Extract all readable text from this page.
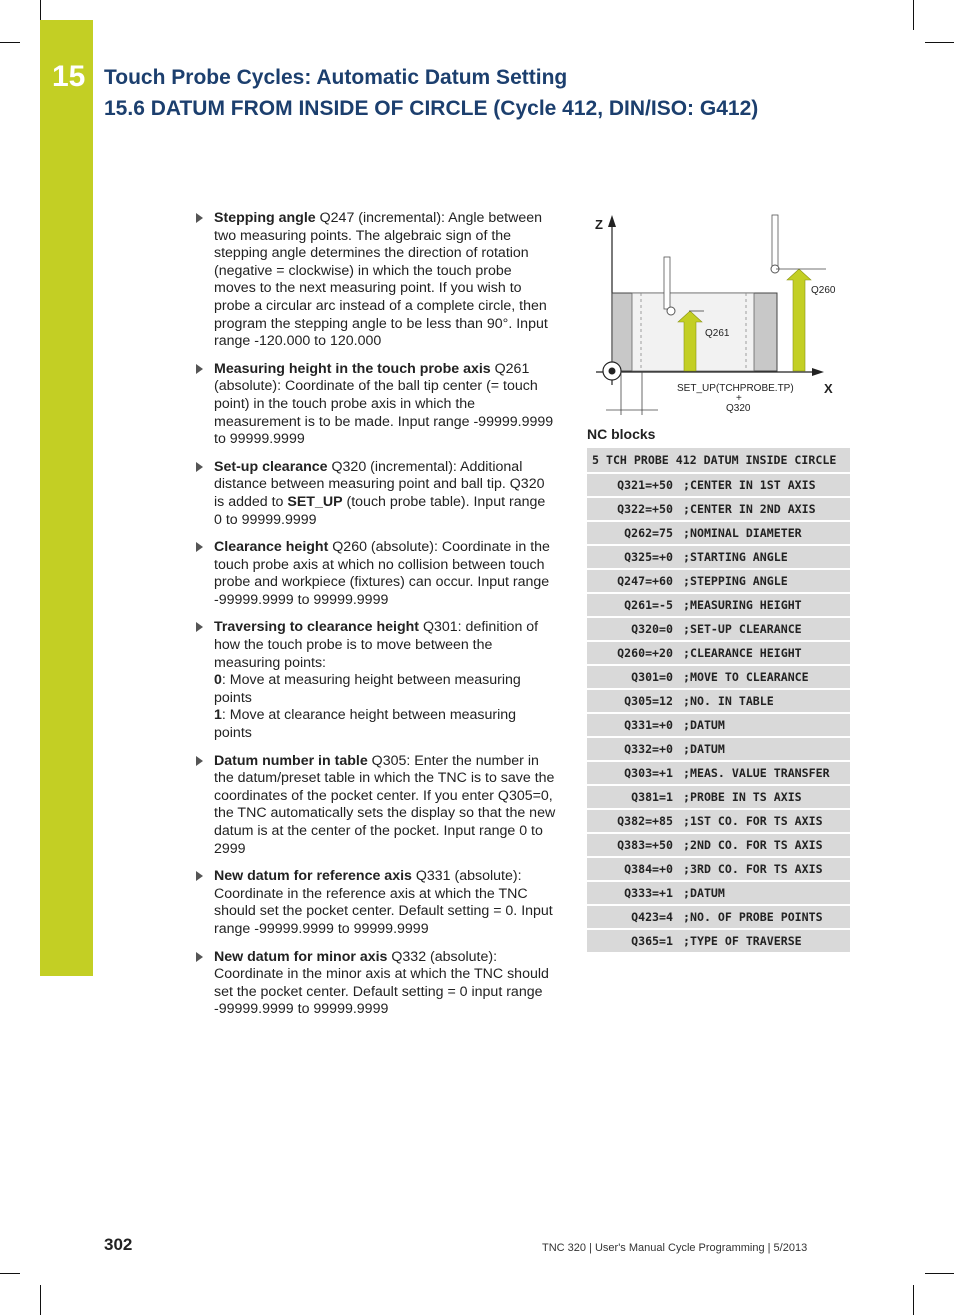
15 Touch Probe Cycles: Automatic Datum Setting
15.6 DATUM FROM INSIDE OF CIRCLE (Cycle 412, DIN/ISO: G412)
Stepping angle Q247 (incremental): Angle between two measuring points. The algebraic sign of the stepping angle determines the direction of rotation (negative = clockwise) in which the touch probe moves to the next measuring point. If you wish to probe a circular arc instead of a complete circle, then program the stepping angle to be less than 90°. Input range -120.000 to 120.000
Measuring height in the touch probe axis Q261 (absolute): Coordinate of the ball tip center (= touch point) in the touch probe axis in which the measurement is to be made. Input range -99999.9999 to 99999.9999
Set-up clearance Q320 (incremental): Additional distance between measuring point and ball tip. Q320 is added to SET_UP (touch probe table). Input range 0 to 99999.9999
Clearance height Q260 (absolute): Coordinate in the touch probe axis at which no collision between touch probe and workpiece (fixtures) can occur. Input range -99999.9999 to 99999.9999
Traversing to clearance height Q301: definition of how the touch probe is to move between the measuring points:
0: Move at measuring height between measuring points
1: Move at clearance height between measuring points
Datum number in table Q305: Enter the number in the datum/preset table in which the TNC is to save the coordinates of the pocket center. If you enter Q305=0, the TNC automatically sets the display so that the new datum is at the center of the pocket. Input range 0 to 2999
New datum for reference axis Q331 (absolute): Coordinate in the reference axis at which the TNC should set the pocket center. Default setting = 0. Input range -99999.9999 to 99999.9999
New datum for minor axis Q332 (absolute): Coordinate in the minor axis at which the TNC should set the pocket center. Default setting = 0 input range -99999.9999 to 99999.9999
Z
X
Q261
Q260
SET_UP(TCHPROBE.TP)
+
Q320
NC blocks
5 TCH PROBE 412 DATUM INSIDE CIRCLE	
Q321=+50	;CENTER IN 1ST AXIS
Q322=+50	;CENTER IN 2ND AXIS
Q262=75	;NOMINAL DIAMETER
Q325=+0	;STARTING ANGLE
Q247=+60	;STEPPING ANGLE
Q261=-5	;MEASURING HEIGHT
Q320=0	;SET-UP CLEARANCE
Q260=+20	;CLEARANCE HEIGHT
Q301=0	;MOVE TO CLEARANCE
Q305=12	;NO. IN TABLE
Q331=+0	;DATUM
Q332=+0	;DATUM
Q303=+1	;MEAS. VALUE TRANSFER
Q381=1	;PROBE IN TS AXIS
Q382=+85	;1ST CO. FOR TS AXIS
Q383=+50	;2ND CO. FOR TS AXIS
Q384=+0	;3RD CO. FOR TS AXIS
Q333=+1	;DATUM
Q423=4	;NO. OF PROBE POINTS
Q365=1	;TYPE OF TRAVERSE
302	TNC 320 | User's Manual Cycle Programming | 5/2013
